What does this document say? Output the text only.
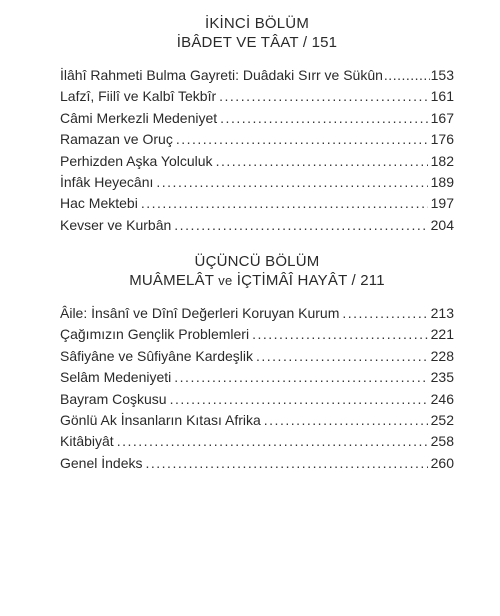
İKİNCİ BÖLÜM
İBÂDET VE TÂAT / 151
İlâhî Rahmeti Bulma Gayreti: Duâdaki Sırr ve Sükûn .....	153
Lafzî, Fiilî ve Kalbî Tekbîr .....	161
Câmi Merkezli Medeniyet .....	167
Ramazan ve Oruç .....	176
Perhizden Aşka Yolculuk .....	182
İnfâk Heyecânı .....	189
Hac Mektebi .....	197
Kevser ve Kurbân .....	204
ÜÇÜNCÜ BÖLÜM
MUÂMELÂT ve İÇTİMÂÎ HAYÂT / 211
Âile: İnsânî ve Dînî Değerleri Koruyan Kurum .....	213
Çağımızın Gençlik Problemleri .....	221
Sâfiyâne ve Sûfiyâne Kardeşlik .....	228
Selâm Medeniyeti .....	235
Bayram Coşkusu .....	246
Gönlü Ak İnsanların Kıtası Afrika .....	252
Kitâbiyât .....	258
Genel İndeks .....	260
